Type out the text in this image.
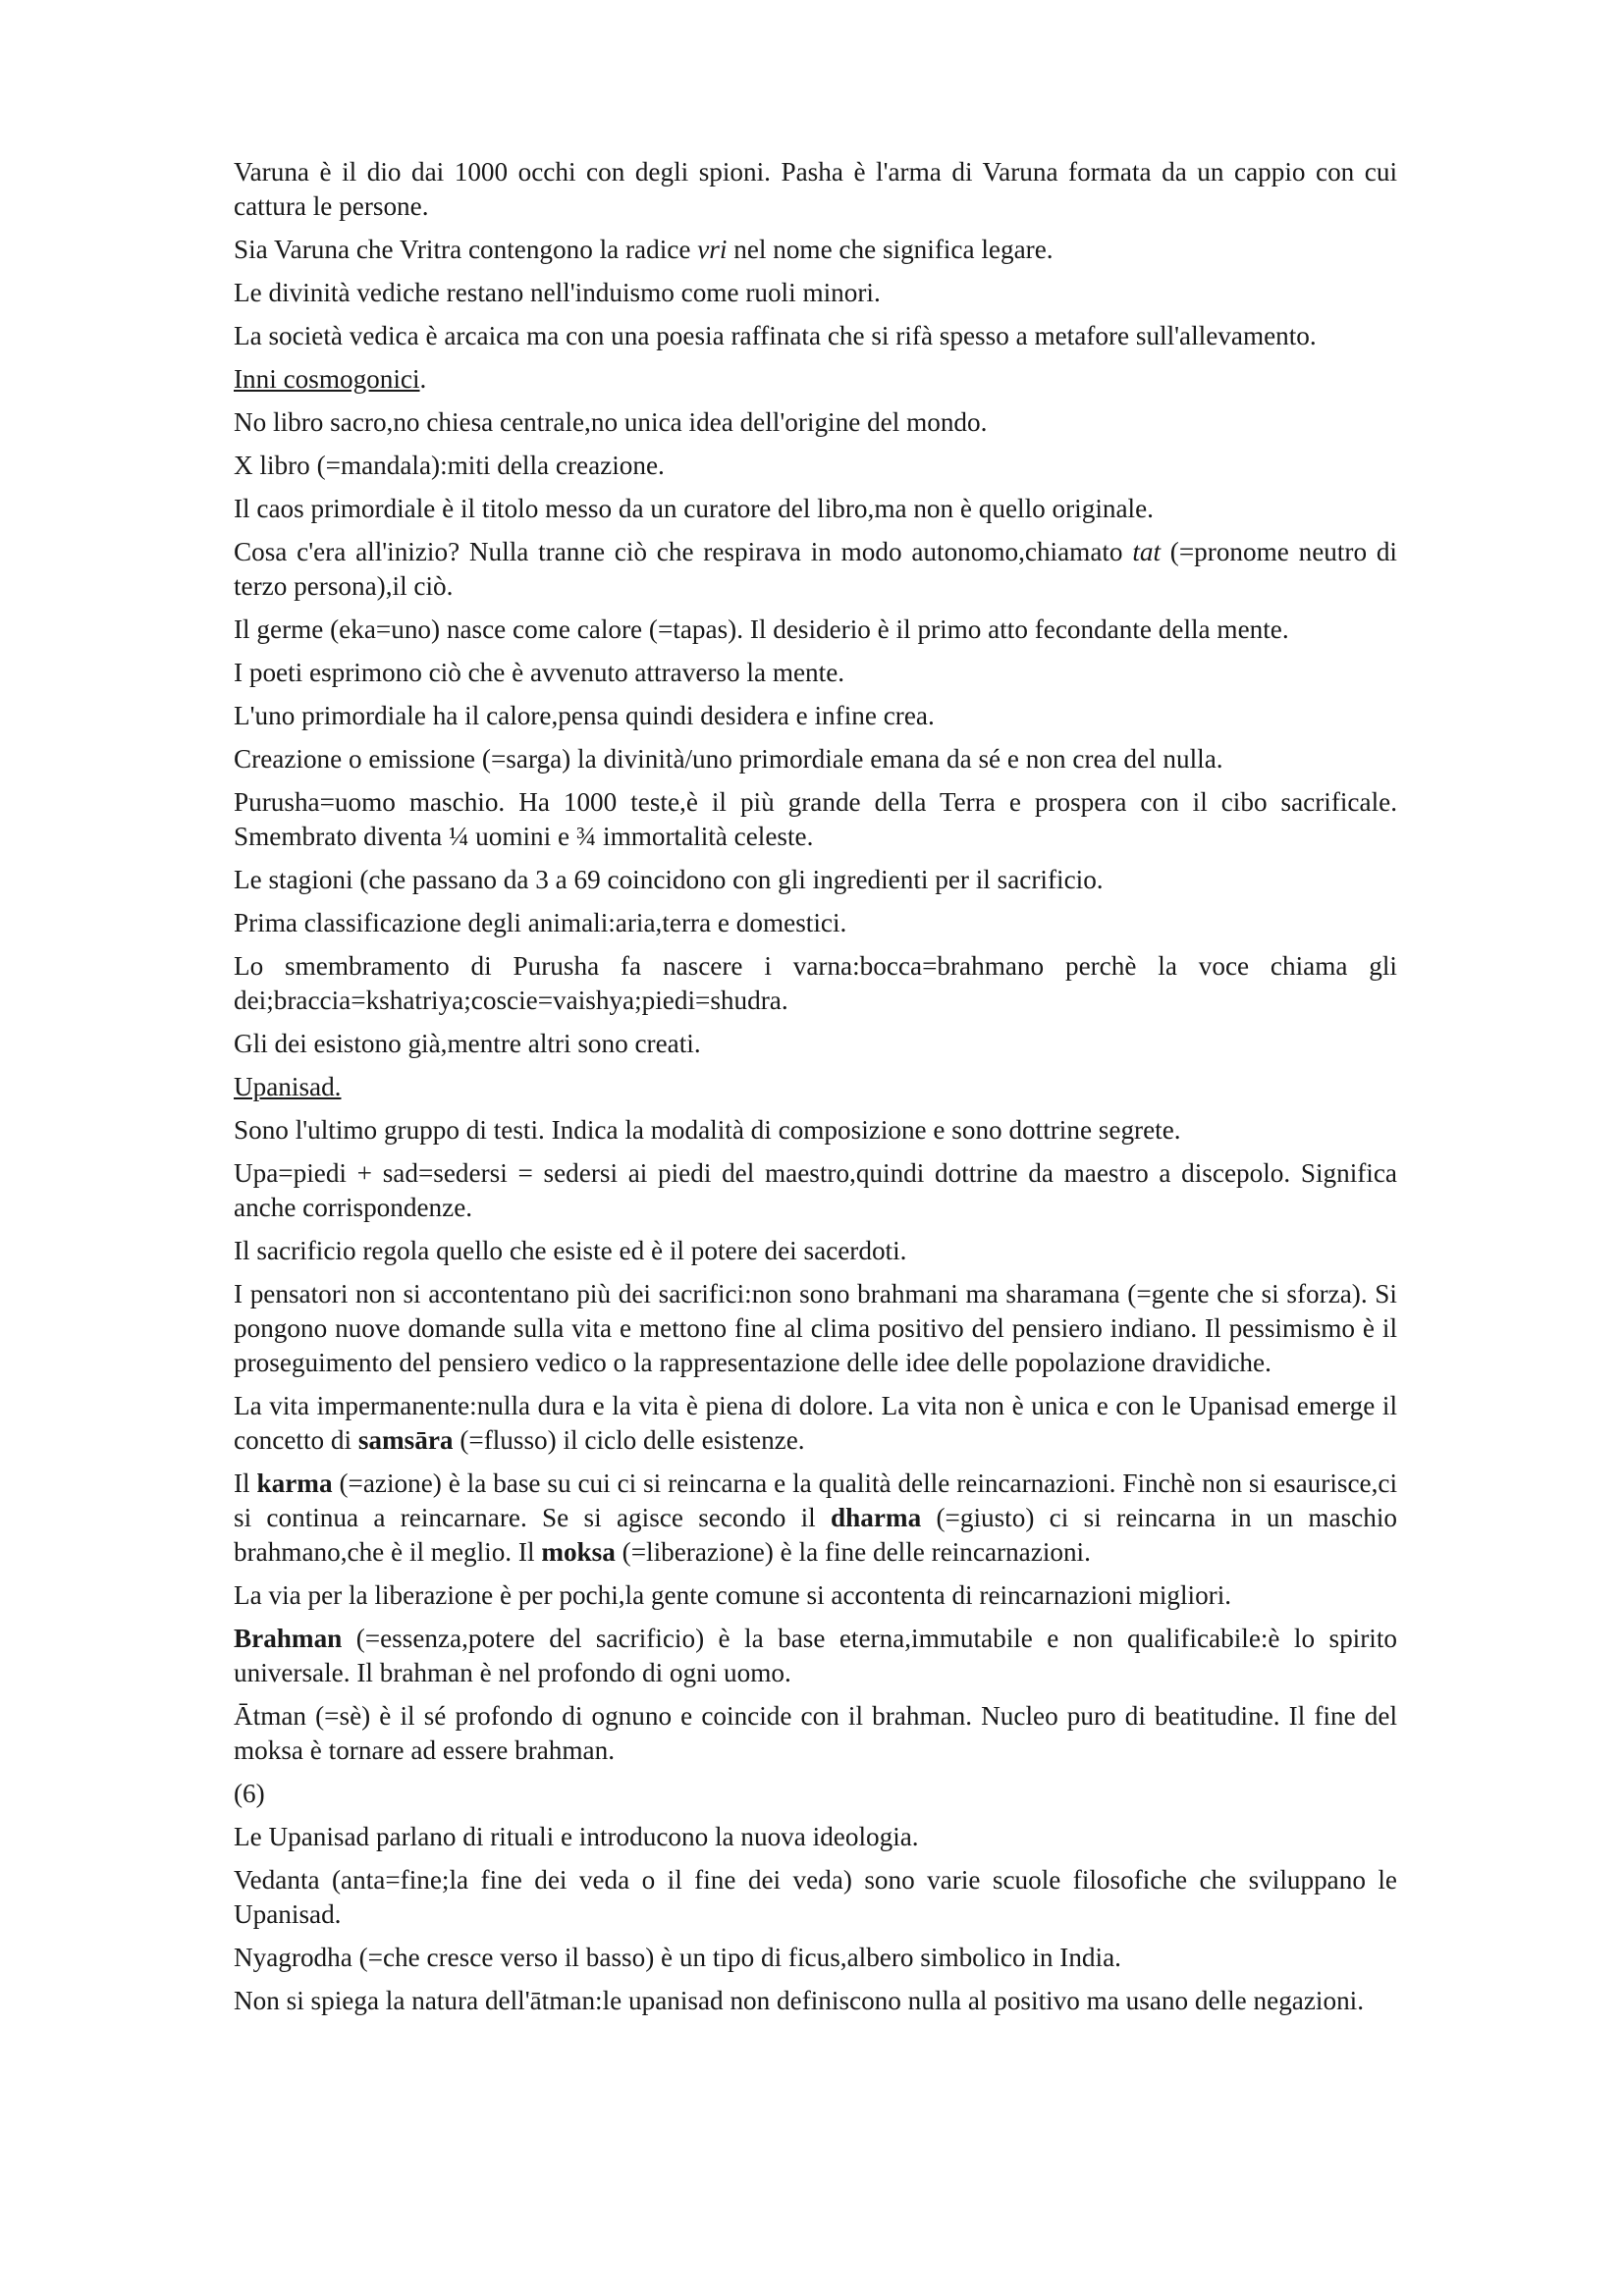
Varuna è il dio dai 1000 occhi con degli spioni. Pasha è l'arma di Varuna formata da un cappio con cui cattura le persone.

Sia Varuna che Vritra contengono la radice vri nel nome che significa legare.

Le divinità vediche restano nell'induismo come ruoli minori.

La società vedica è arcaica ma con una poesia raffinata che si rifà spesso a metafore sull'allevamento.

Inni cosmogonici.

No libro sacro,no chiesa centrale,no unica idea dell'origine del mondo.

X libro (=mandala):miti della creazione.

Il caos primordiale è il titolo messo da un curatore del libro,ma non è quello originale.

Cosa c'era all'inizio? Nulla tranne ciò che respirava in modo autonomo,chiamato tat (=pronome neutro di terzo persona),il ciò.

Il germe (eka=uno) nasce come calore (=tapas). Il desiderio è il primo atto fecondante della mente.

I poeti esprimono ciò che è avvenuto attraverso la mente.

L'uno primordiale ha il calore,pensa quindi desidera e infine crea.

Creazione o emissione (=sarga) la divinità/uno primordiale emana da sé e non crea del nulla.

Purusha=uomo maschio. Ha 1000 teste,è il più grande della Terra e prospera con il cibo sacrificale. Smembrato diventa ¼ uomini e ¾ immortalità celeste.

Le stagioni (che passano da 3 a 69 coincidono con gli ingredienti per il sacrificio.

Prima classificazione degli animali:aria,terra e domestici.

Lo smembramento di Purusha fa nascere i varna:bocca=brahmano perchè la voce chiama gli dei;braccia=kshatriya;coscie=vaishya;piedi=shudra.

Gli dei esistono già,mentre altri sono creati.

Upanisad.

Sono l'ultimo gruppo di testi. Indica la modalità di composizione e sono dottrine segrete.

Upa=piedi + sad=sedersi = sedersi ai piedi del maestro,quindi dottrine da maestro a discepolo. Significa anche corrispondenze.

Il sacrificio regola quello che esiste ed è il potere dei sacerdoti.

I pensatori non si accontentano più dei sacrifici:non sono brahmani ma sharamana (=gente che si sforza). Si pongono nuove domande sulla vita e mettono fine al clima positivo del pensiero indiano. Il pessimismo è il proseguimento del pensiero vedico o la rappresentazione delle idee delle popolazione dravidiche.

La vita impermanente:nulla dura e la vita è piena di dolore. La vita non è unica e con le Upanisad emerge il concetto di samsāra (=flusso) il ciclo delle esistenze.

Il karma (=azione) è la base su cui ci si reincarna e la qualità delle reincarnazioni. Finchè non si esaurisce,ci si continua a reincarnare. Se si agisce secondo il dharma (=giusto) ci si reincarna in un maschio brahmano,che è il meglio. Il moksa (=liberazione) è la fine delle reincarnazioni.

La via per la liberazione è per pochi,la gente comune si accontenta di reincarnazioni migliori.

Brahman (=essenza,potere del sacrificio) è la base eterna,immutabile e non qualificabile:è lo spirito universale. Il brahman è nel profondo di ogni uomo.

Ātman (=sè) è il sé profondo di ognuno e coincide con il brahman. Nucleo puro di beatitudine. Il fine del moksa è tornare ad essere brahman.

(6)

Le Upanisad parlano di rituali e introducono la nuova ideologia.

Vedanta (anta=fine;la fine dei veda o il fine dei veda) sono varie scuole filosofiche che sviluppano le Upanisad.

Nyagrodha (=che cresce verso il basso) è un tipo di ficus,albero simbolico in India.

Non si spiega la natura dell'ātman:le upanisad non definiscono nulla al positivo ma usano delle negazioni.
